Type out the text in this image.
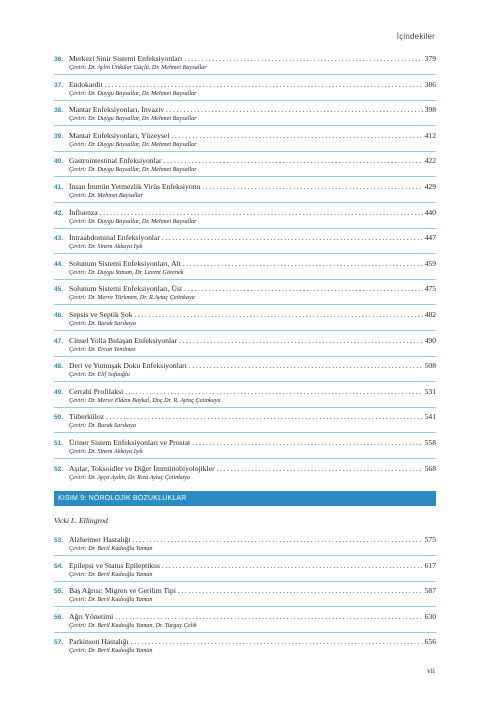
İçindekiler
36. Merkezi Sinir Sistemi Enfeksiyonları . . .	379
Çeviri: Dr. Aylin Ünkülar Güçlü, Dr. Mehmet Baysallar
37. Endokardit . . .	386
Çeviri: Dr. Duygu Baysallar, Dr. Mehmet Baysallar
38. Mantar Enfeksiyonları, İnvaziv . . .	398
Çeviri: Dr. Duygu Baysallar, Dr. Mehmet Baysallar
39. Mantar Enfeksiyonları, Yüzeysel . . .	412
Çeviri: Dr. Duygu Baysallar, Dr. Mehmet Baysallar
40. Gastrointestinal Enfeksiyonlar . . .	422
Çeviri: Dr. Duygu Baysallar, Dr. Mehmet Baysallar
41. İnsan İmmün Yetmezlik Virüs Enfeksiyonu . . .	429
Çeviri: Dr. Mehmet Baysallar
42. İnfluenza . . .	440
Çeviri: Dr. Duygu Baysallar, Dr. Mehmet Baysallar
43. İntraabdominal Enfeksiyonlar . . .	447
Çeviri: Dr. Sinem Akkaya Işık
44. Solunum Sistemi Enfeksiyonları, Alt . . .	459
Çeviri: Dr. Duygu Yaman, Dr. Levent Görenek
45. Solunum Sistemi Enfeksiyonları, Üst . . .	475
Çeviri: Dr. Merve Türkmen, Dr. R.Aytaç Çetinkaya
46. Sepsis ve Septik Şok . . .	482
Çeviri: Dr. Burak Sarıkaya
47. Cinsel Yolla Bulaşan Enfeksiyonlar . . .	490
Çeviri: Dr. Ercan Yenilmez
48. Deri ve Yumuşak Doku Enfeksiyonları . . .	508
Çeviri: Dr. Elif Sofuoğlu
49. Cerrahi Profilaksi . . .	531
Çeviri: Dr. Merve Eldem Baykal, Doç.Dr. R. Aytaç Çetinkaya
50. Tüberküloz . . .	541
Çeviri: Dr. Burak Sarıkaya
51. Üriner Sistem Enfeksiyonları ve Prostat . . .	558
Çeviri: Dr. Sinem Akkaya Işık
52. Aşılar, Toksoidler ve Diğer İmmünobiyolojikler . . .	568
Çeviri: Dr. Ayça Aydin, Dr. Rıza Aytaç Çetinkaya
KISIM 9: NÖROLOJİK BOZUKLUKLAR
Vicki L. Ellingrod
53. Alzheimer Hastalığı . . .	575
Çeviri: Dr. Beril Kadıoğlu Yaman
54. Epilepsi ve Status Epileptikus . . .	617
Çeviri: Dr. Beril Kadıoğlu Yaman
55. Baş Ağrısı: Migren ve Gerilim Tipi . . .	587
Çeviri: Dr. Beril Kadıoğlu Yaman
56. Ağrı Yönetimi . . .	630
Çeviri: Dr. Beril Kadıoğlu Yaman, Dr. Turgay Çelik
57. Parkinson Hastalığı . . .	656
Çeviri: Dr. Beril Kadıoğlu Yaman
vii
